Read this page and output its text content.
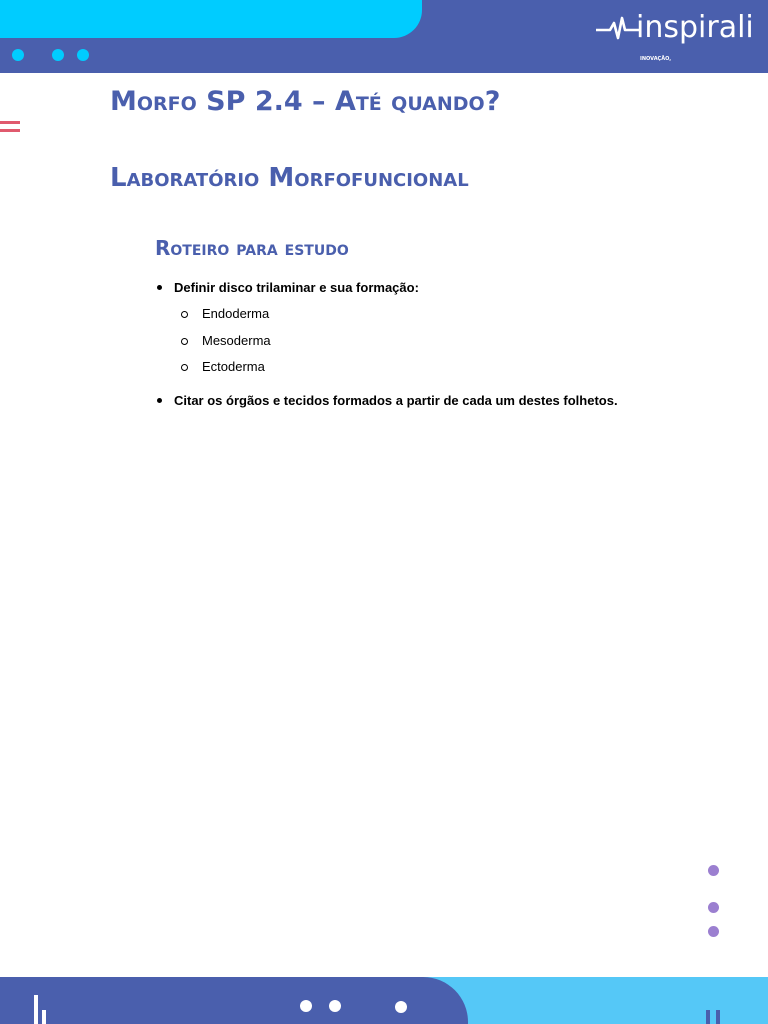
inspirali

INOVAÇÃO,

SAÚDE E

EDUCAÇÃO

Morfo SP 2.4 – Até quando?
Laboratório Morfofuncional
Roteiro para estudo
Definir disco trilaminar e sua formação:
Endoderma
Mesoderma
Ectoderma
Citar os órgãos e tecidos formados a partir de cada um destes folhetos.
